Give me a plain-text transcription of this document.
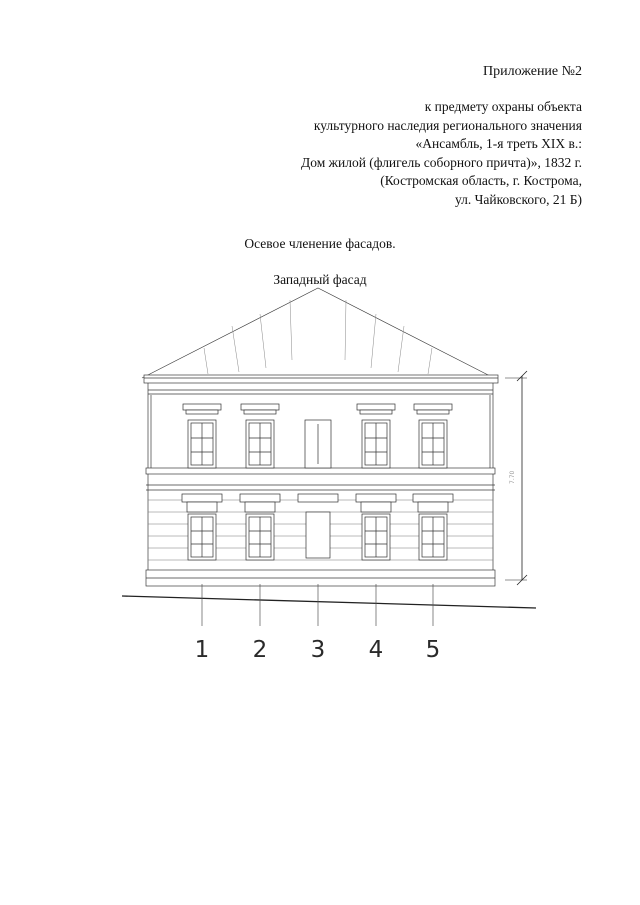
Приложение №2
к предмету охраны объекта
культурного наследия регионального значения
«Ансамбль, 1-я треть XIX в.:
Дом жилой (флигель соборного причта)», 1832 г.
(Костромская область, г. Кострома,
ул. Чайковского, 21 Б)
Осевое членение фасадов.
Западный фасад
7.70
1 2 3 4 5
